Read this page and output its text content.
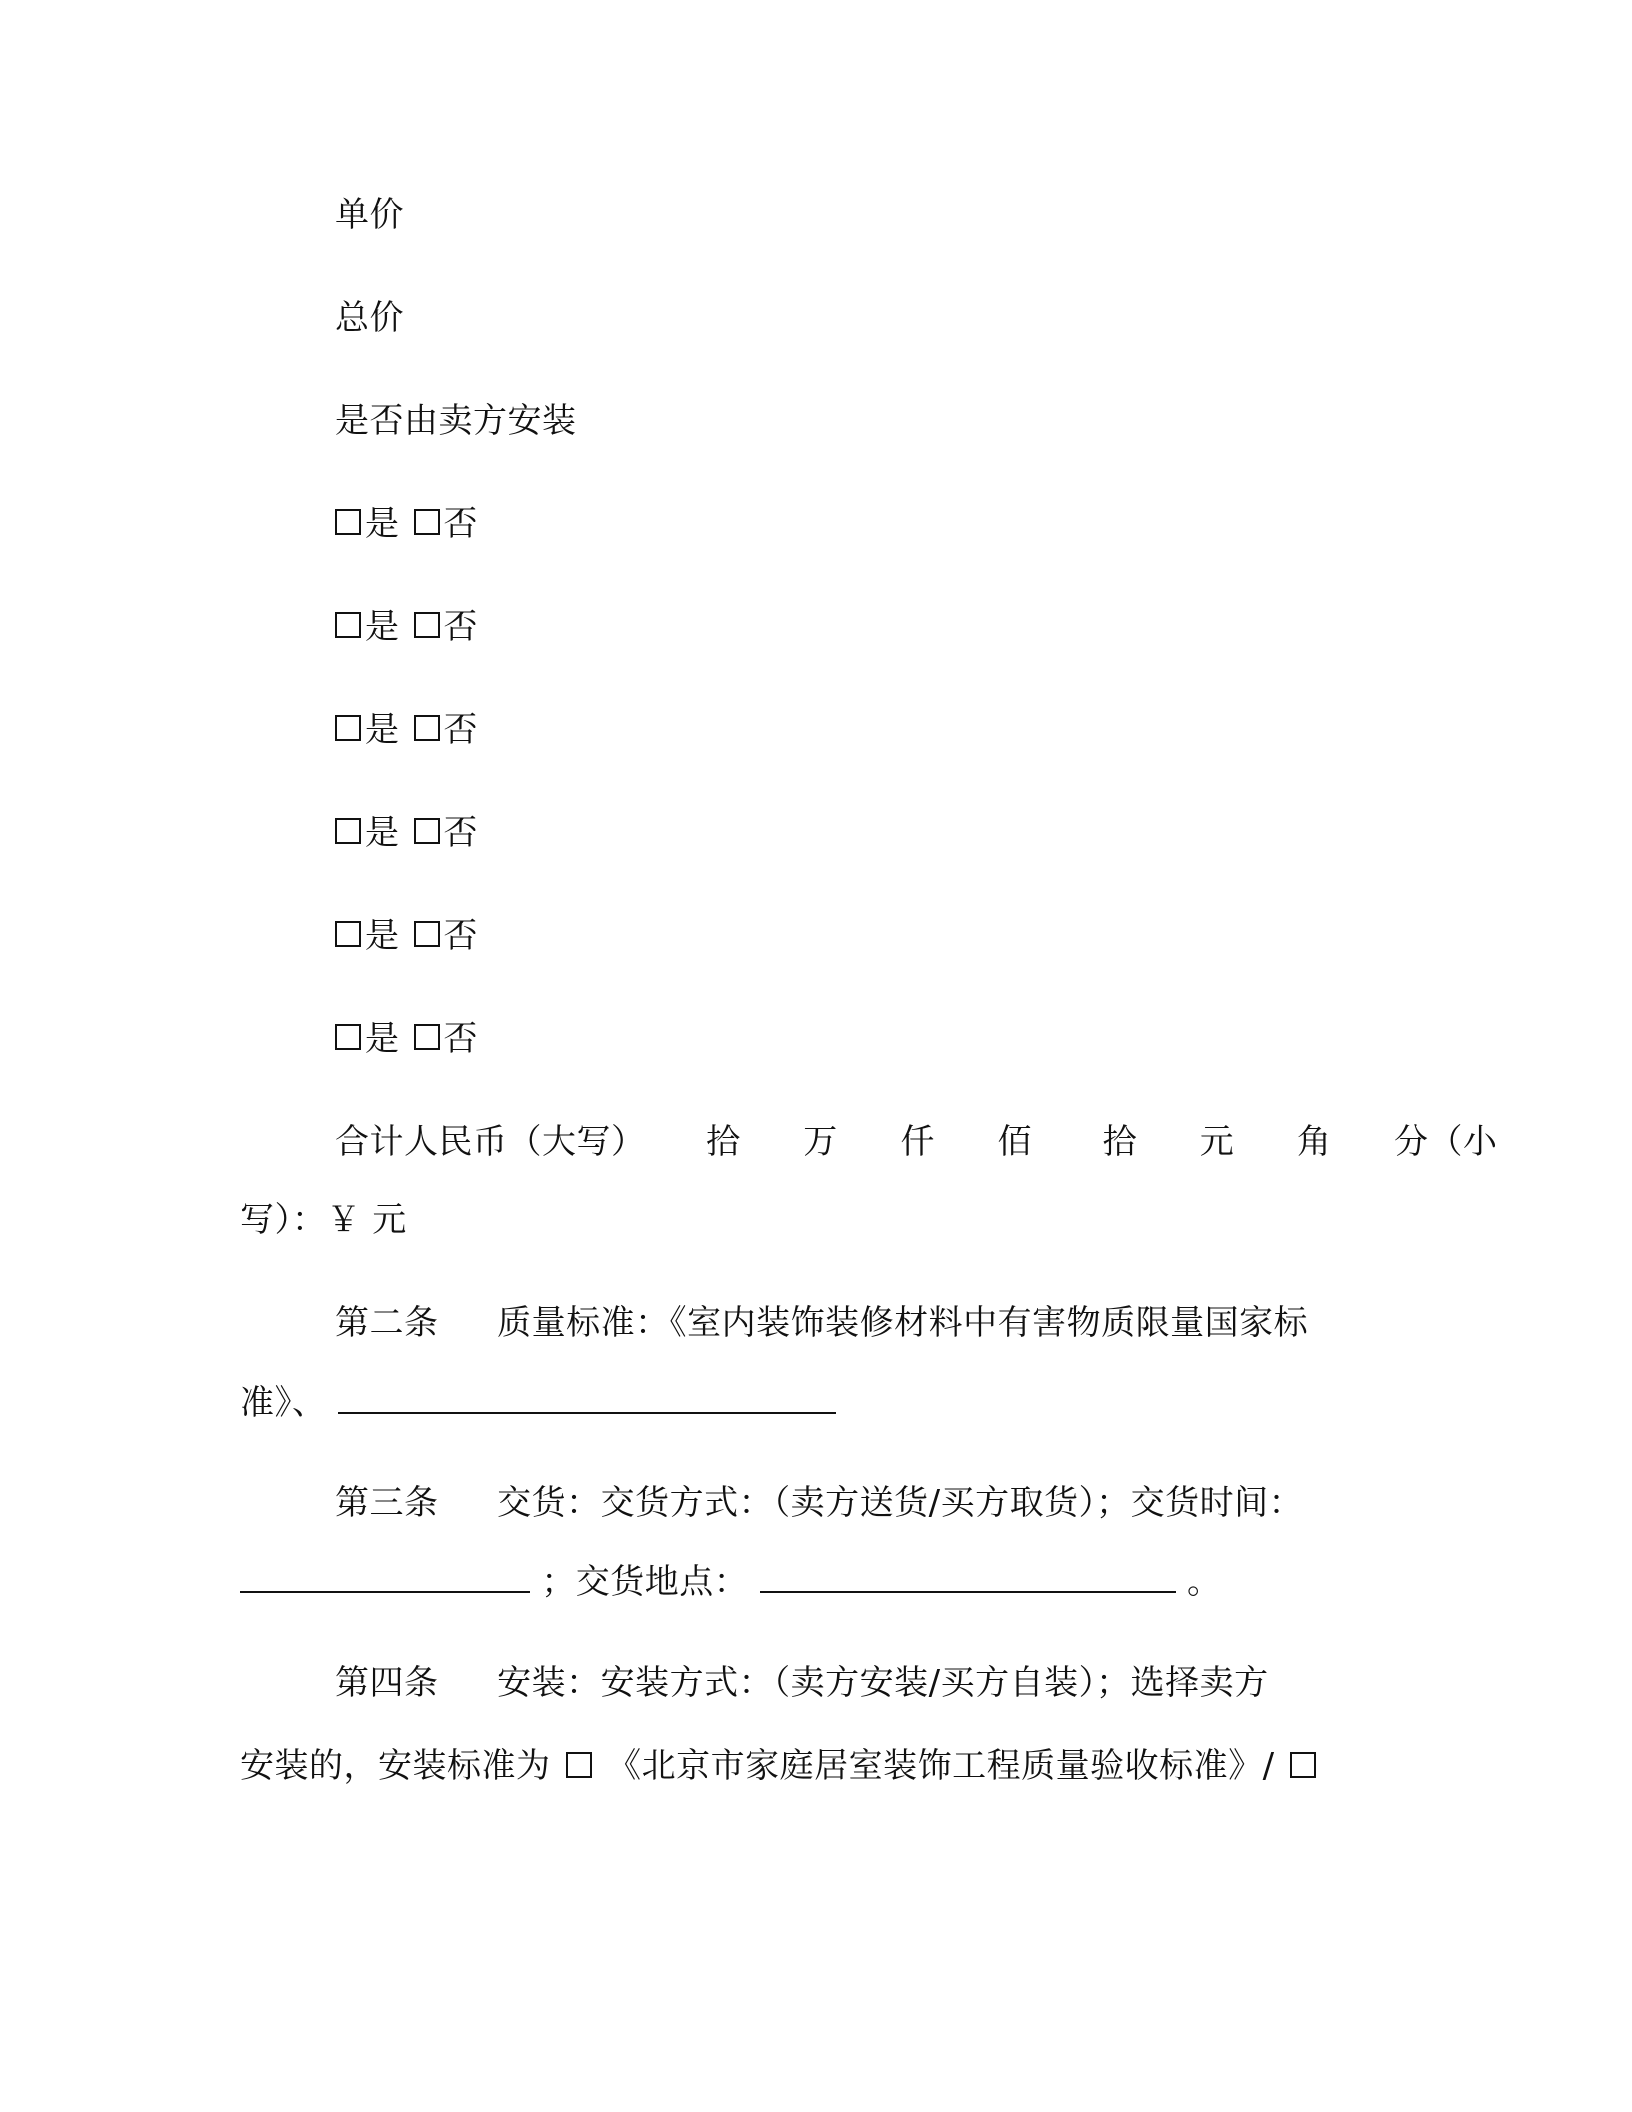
单价
总价
是否由卖方安装
是 否
是 否
是 否
是 否
是 否
是 否
合计人民币（大写） 拾 万 仟 佰 拾 元 角 分（小
写）：￥ 元
第二条 质量标准：《室内装饰装修材料中有害物质限量国家标
准》、
第三条 交货：交货方式：（卖方送货/买方取货）；交货时间：
；交货地点：	。
第四条 安装：安装方式：（卖方安装/买方自装）；选择卖方
安装的，安装标准为 《北京市家庭居室装饰工程质量验收标准》/
